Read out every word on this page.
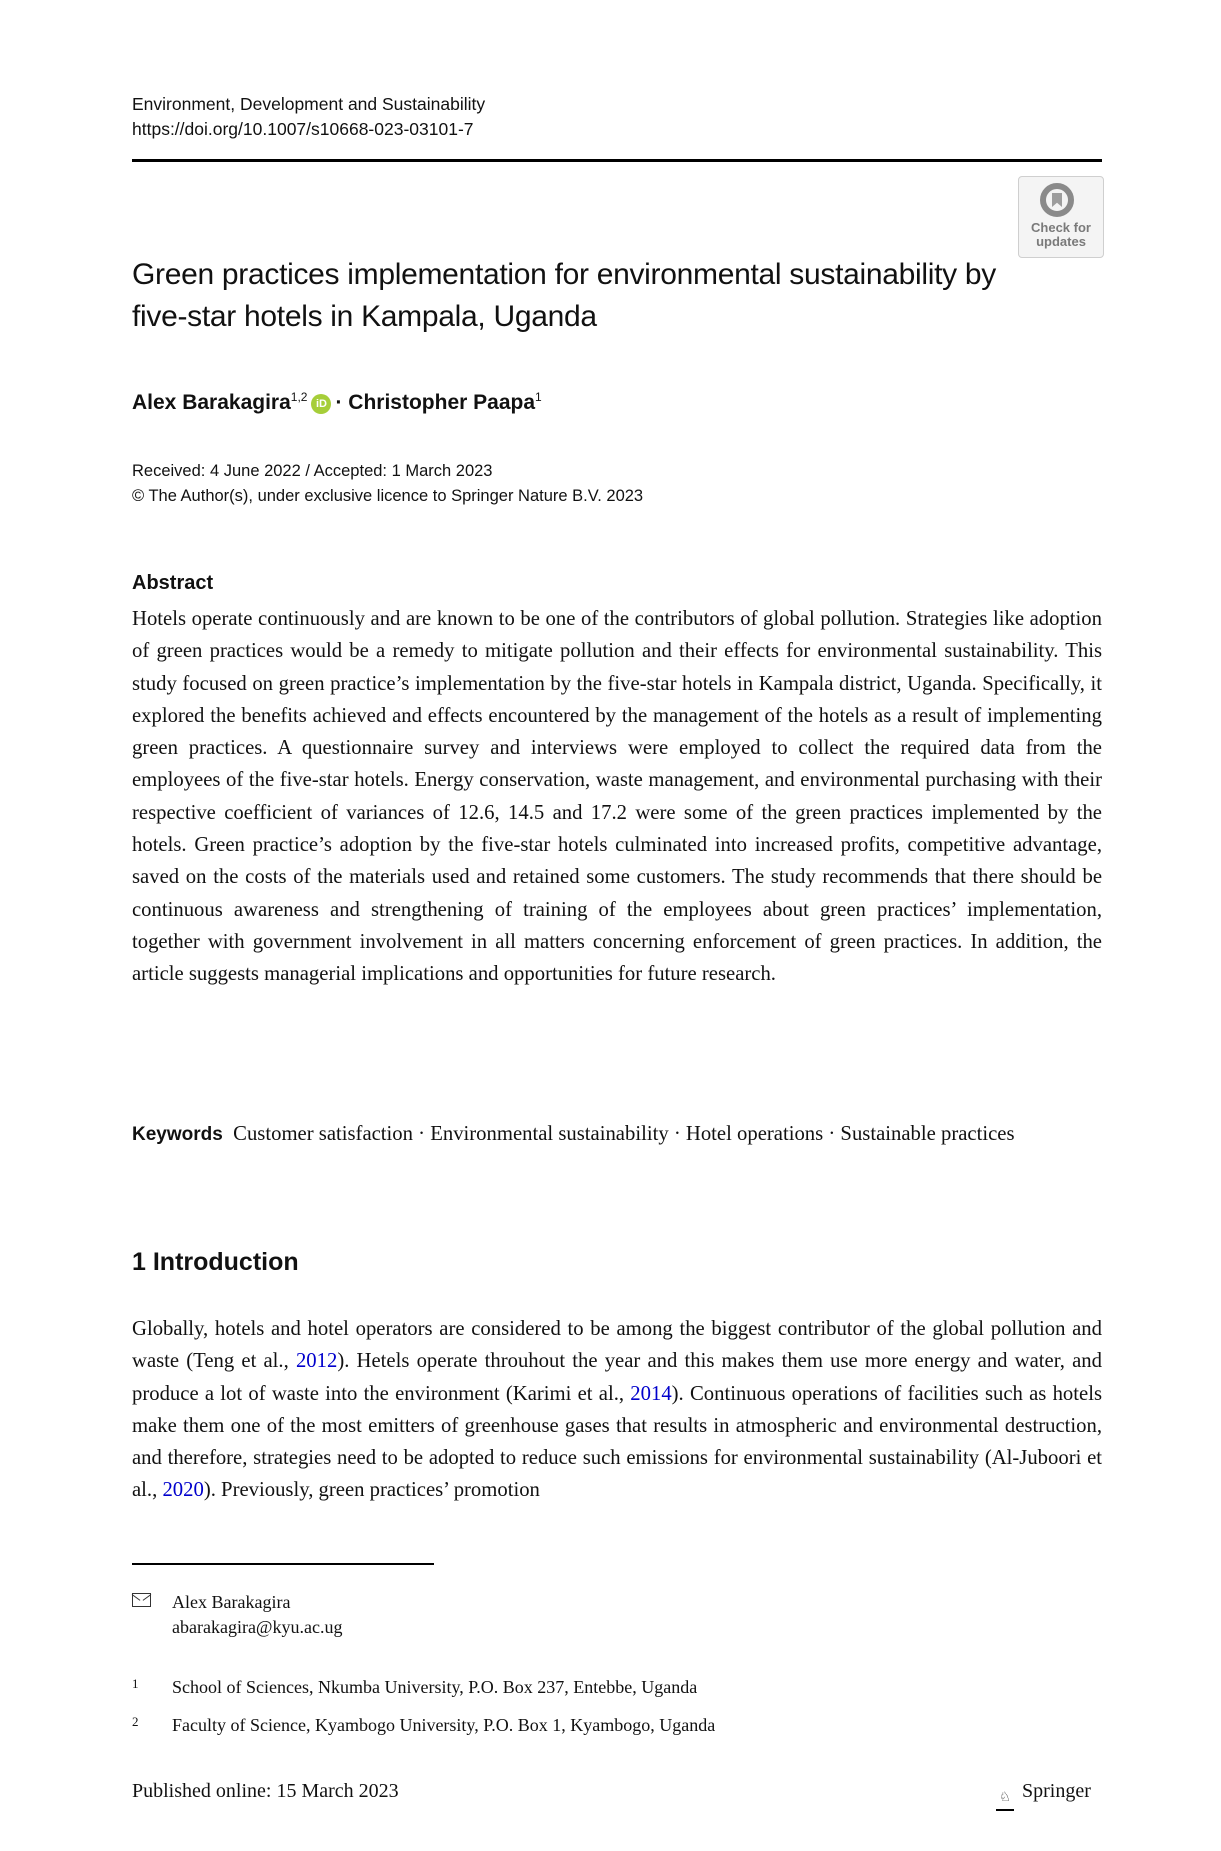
Environment, Development and Sustainability
https://doi.org/10.1007/s10668-023-03101-7
Check for
updates
Green practices implementation for environmental sustainability by five-star hotels in Kampala, Uganda
Alex Barakagira$^{1,2}$ iD · Christopher Paapa$^1$
Received: 4 June 2022 / Accepted: 1 March 2023
© The Author(s), under exclusive licence to Springer Nature B.V. 2023
Abstract

Hotels operate continuously and are known to be one of the contributors of global pollution. Strategies like adoption of green practices would be a remedy to mitigate pollution and their effects for environmental sustainability. This study focused on green practice’s implementation by the five-star hotels in Kampala district, Uganda. Specifically, it explored the benefits achieved and effects encountered by the management of the hotels as a result of implementing green practices. A questionnaire survey and interviews were employed to collect the required data from the employees of the five-star hotels. Energy conservation, waste management, and environmental purchasing with their respective coefficient of variances of 12.6, 14.5 and 17.2 were some of the green practices implemented by the hotels. Green practice’s adoption by the five-star hotels culminated into increased profits, competitive advantage, saved on the costs of the materials used and retained some customers. The study recommends that there should be continuous awareness and strengthening of training of the employees about green practices’ implementation, together with government involvement in all matters concerning enforcement of green practices. In addition, the article suggests managerial implications and opportunities for future research.

Keywords Customer satisfaction · Environmental sustainability · Hotel operations · Sustainable practices
1 Introduction

Globally, hotels and hotel operators are considered to be among the biggest contributor of the global pollution and waste (Teng et al., 2012). Hetels operate throuhout the year and this makes them use more energy and water, and produce a lot of waste into the environment (Karimi et al., 2014). Continuous operations of facilities such as hotels make them one of the most emitters of greenhouse gases that results in atmospheric and environmental destruction, and therefore, strategies need to be adopted to reduce such emissions for environmental sustainability (Al-Juboori et al., 2020). Previously, green practices’ promotion

Alex Barakagira
abarakagira@kyu.ac.ug
1 School of Sciences, Nkumba University, P.O. Box 237, Entebbe, Uganda
2 Faculty of Science, Kyambogo University, P.O. Box 1, Kyambogo, Uganda
Published online: 15 March 2023	♘ Springer
